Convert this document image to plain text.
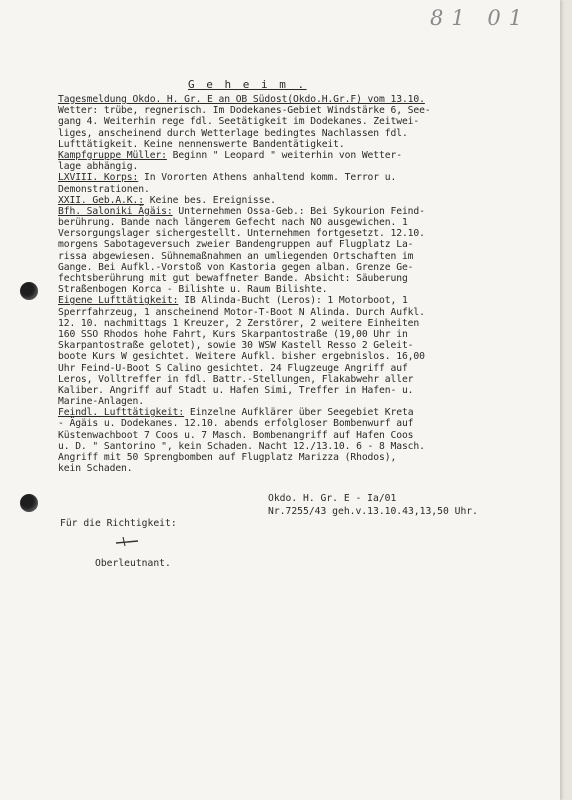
81 01
G e h e i m .
Tagesmeldung Okdo. H. Gr. E an OB Südost(Okdo.H.Gr.F) vom 13.10.
Wetter: trübe, regnerisch. Im Dodekanes-Gebiet Windstärke 6, See-
gang 4. Weiterhin rege fdl. Seetätigkeit im Dodekanes. Zeitwei-
liges, anscheinend durch Wetterlage bedingtes Nachlassen fdl.
Lufttätigkeit. Keine nennenswerte Bandentätigkeit.
Kampfgruppe Müller: Beginn " Leopard " weiterhin von Wetter-
lage abhängig.
LXVIII. Korps: In Vororten Athens anhaltend komm. Terror u.
Demonstrationen.
XXII. Geb.A.K.: Keine bes. Ereignisse.
Bfh. Saloniki Ägäis: Unternehmen Ossa-Geb.: Bei Sykourion Feind-
berührung. Bande nach längerem Gefecht nach NO ausgewichen. 1
Versorgungslager sichergestellt. Unternehmen fortgesetzt. 12.10.
morgens Sabotageversuch zweier Bandengruppen auf Flugplatz La-
rissa abgewiesen. Sühnemaßnahmen an umliegenden Ortschaften im
Gange. Bei Aufkl.-Vorstoß von Kastoria gegen alban. Grenze Ge-
fechtsberührung mit gut bewaffneter Bande. Absicht: Säuberung
Straßenbogen Korca - Bilishte u. Raum Bilishte.
Eigene Lufttätigkeit: IB Alinda-Bucht (Leros): 1 Motorboot, 1
Sperrfahrzeug, 1 anscheinend Motor-T-Boot N Alinda. Durch Aufkl.
12. 10. nachmittags 1 Kreuzer, 2 Zerstörer, 2 weitere Einheiten
160 SSO Rhodos hohe Fahrt, Kurs Skarpantostraße (19,00 Uhr in
Skarpantostraße gelotet), sowie 30 WSW Kastell Resso 2 Geleit-
boote Kurs W gesichtet. Weitere Aufkl. bisher ergebnislos. 16,00
Uhr Feind-U-Boot S Calino gesichtet. 24 Flugzeuge Angriff auf
Leros, Volltreffer in fdl. Battr.-Stellungen, Flakabwehr aller
Kaliber. Angriff auf Stadt u. Hafen Simi, Treffer in Hafen- u.
Marine-Anlagen.
Feindl. Lufttätigkeit: Einzelne Aufklärer über Seegebiet Kreta
- Ägäis u. Dodekanes. 12.10. abends erfolgloser Bombenwurf auf
Küstenwachboot 7 Coos u. 7 Masch. Bombenangriff auf Hafen Coos
u. D. " Santorino ", kein Schaden. Nacht 12./13.10. 6 - 8 Masch.
Angriff mit 50 Sprengbomben auf Flugplatz Marizza (Rhodos),
kein Schaden.
Okdo. H. Gr. E - Ia/01
Nr.7255/43 geh.v.13.10.43,13,50 Uhr.
Für die Richtigkeit:
Oberleutnant.
